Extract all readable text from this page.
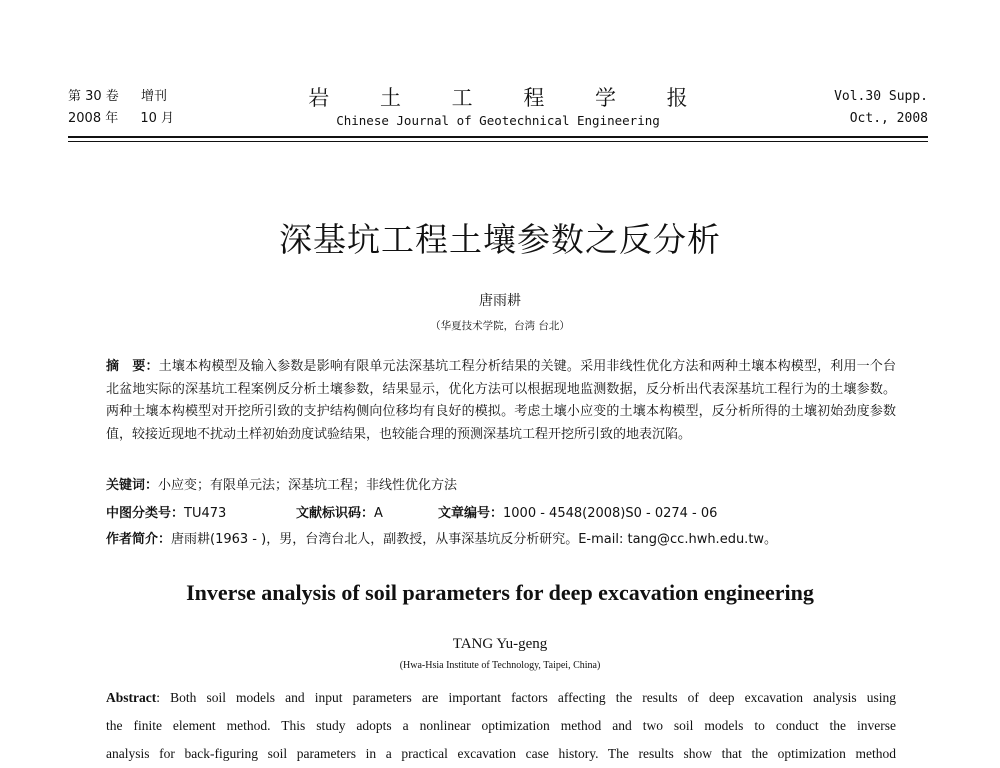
第 30 卷 增刊
2008 年 10 月
岩 土 工 程 学 报
Chinese Journal of Geotechnical Engineering
Vol.30 Supp.
Oct., 2008
深基坑工程土壤参数之反分析
唐雨耕
（华夏技术学院，台湾 台北）
摘　要：土壤本构模型及输入参数是影响有限单元法深基坑工程分析结果的关键。采用非线性优化方法和两种土壤本构模型，利用一个台北盆地实际的深基坑工程案例反分析土壤参数，结果显示，优化方法可以根据现地监测数据，反分析出代表深基坑工程行为的土壤参数。两种土壤本构模型对开挖所引致的支护结构侧向位移均有良好的模拟。考虑土壤小应变的土壤本构模型，反分析所得的土壤初始劲度参数值，较接近现地不扰动土样初始劲度试验结果，也较能合理的预测深基坑工程开挖所引致的地表沉陷。
关键词：小应变；有限单元法；深基坑工程；非线性优化方法
中图分类号：TU473	文献标识码：A	文章编号：1000 - 4548(2008)S0 - 0274 - 06
作者简介：唐雨耕(1963 - )，男，台湾台北人，副教授，从事深基坑反分析研究。E-mail: tang@cc.hwh.edu.tw。
Inverse analysis of soil parameters for deep excavation engineering
TANG Yu-geng
(Hwa-Hsia Institute of Technology, Taipei, China)
Abstract: Both soil models and input parameters are important factors affecting the results of deep excavation analysis using
the finite element method. This study adopts a nonlinear optimization method and two soil models to conduct the inverse
analysis for back-figuring soil parameters in a practical excavation case history. The results show that the optimization method
